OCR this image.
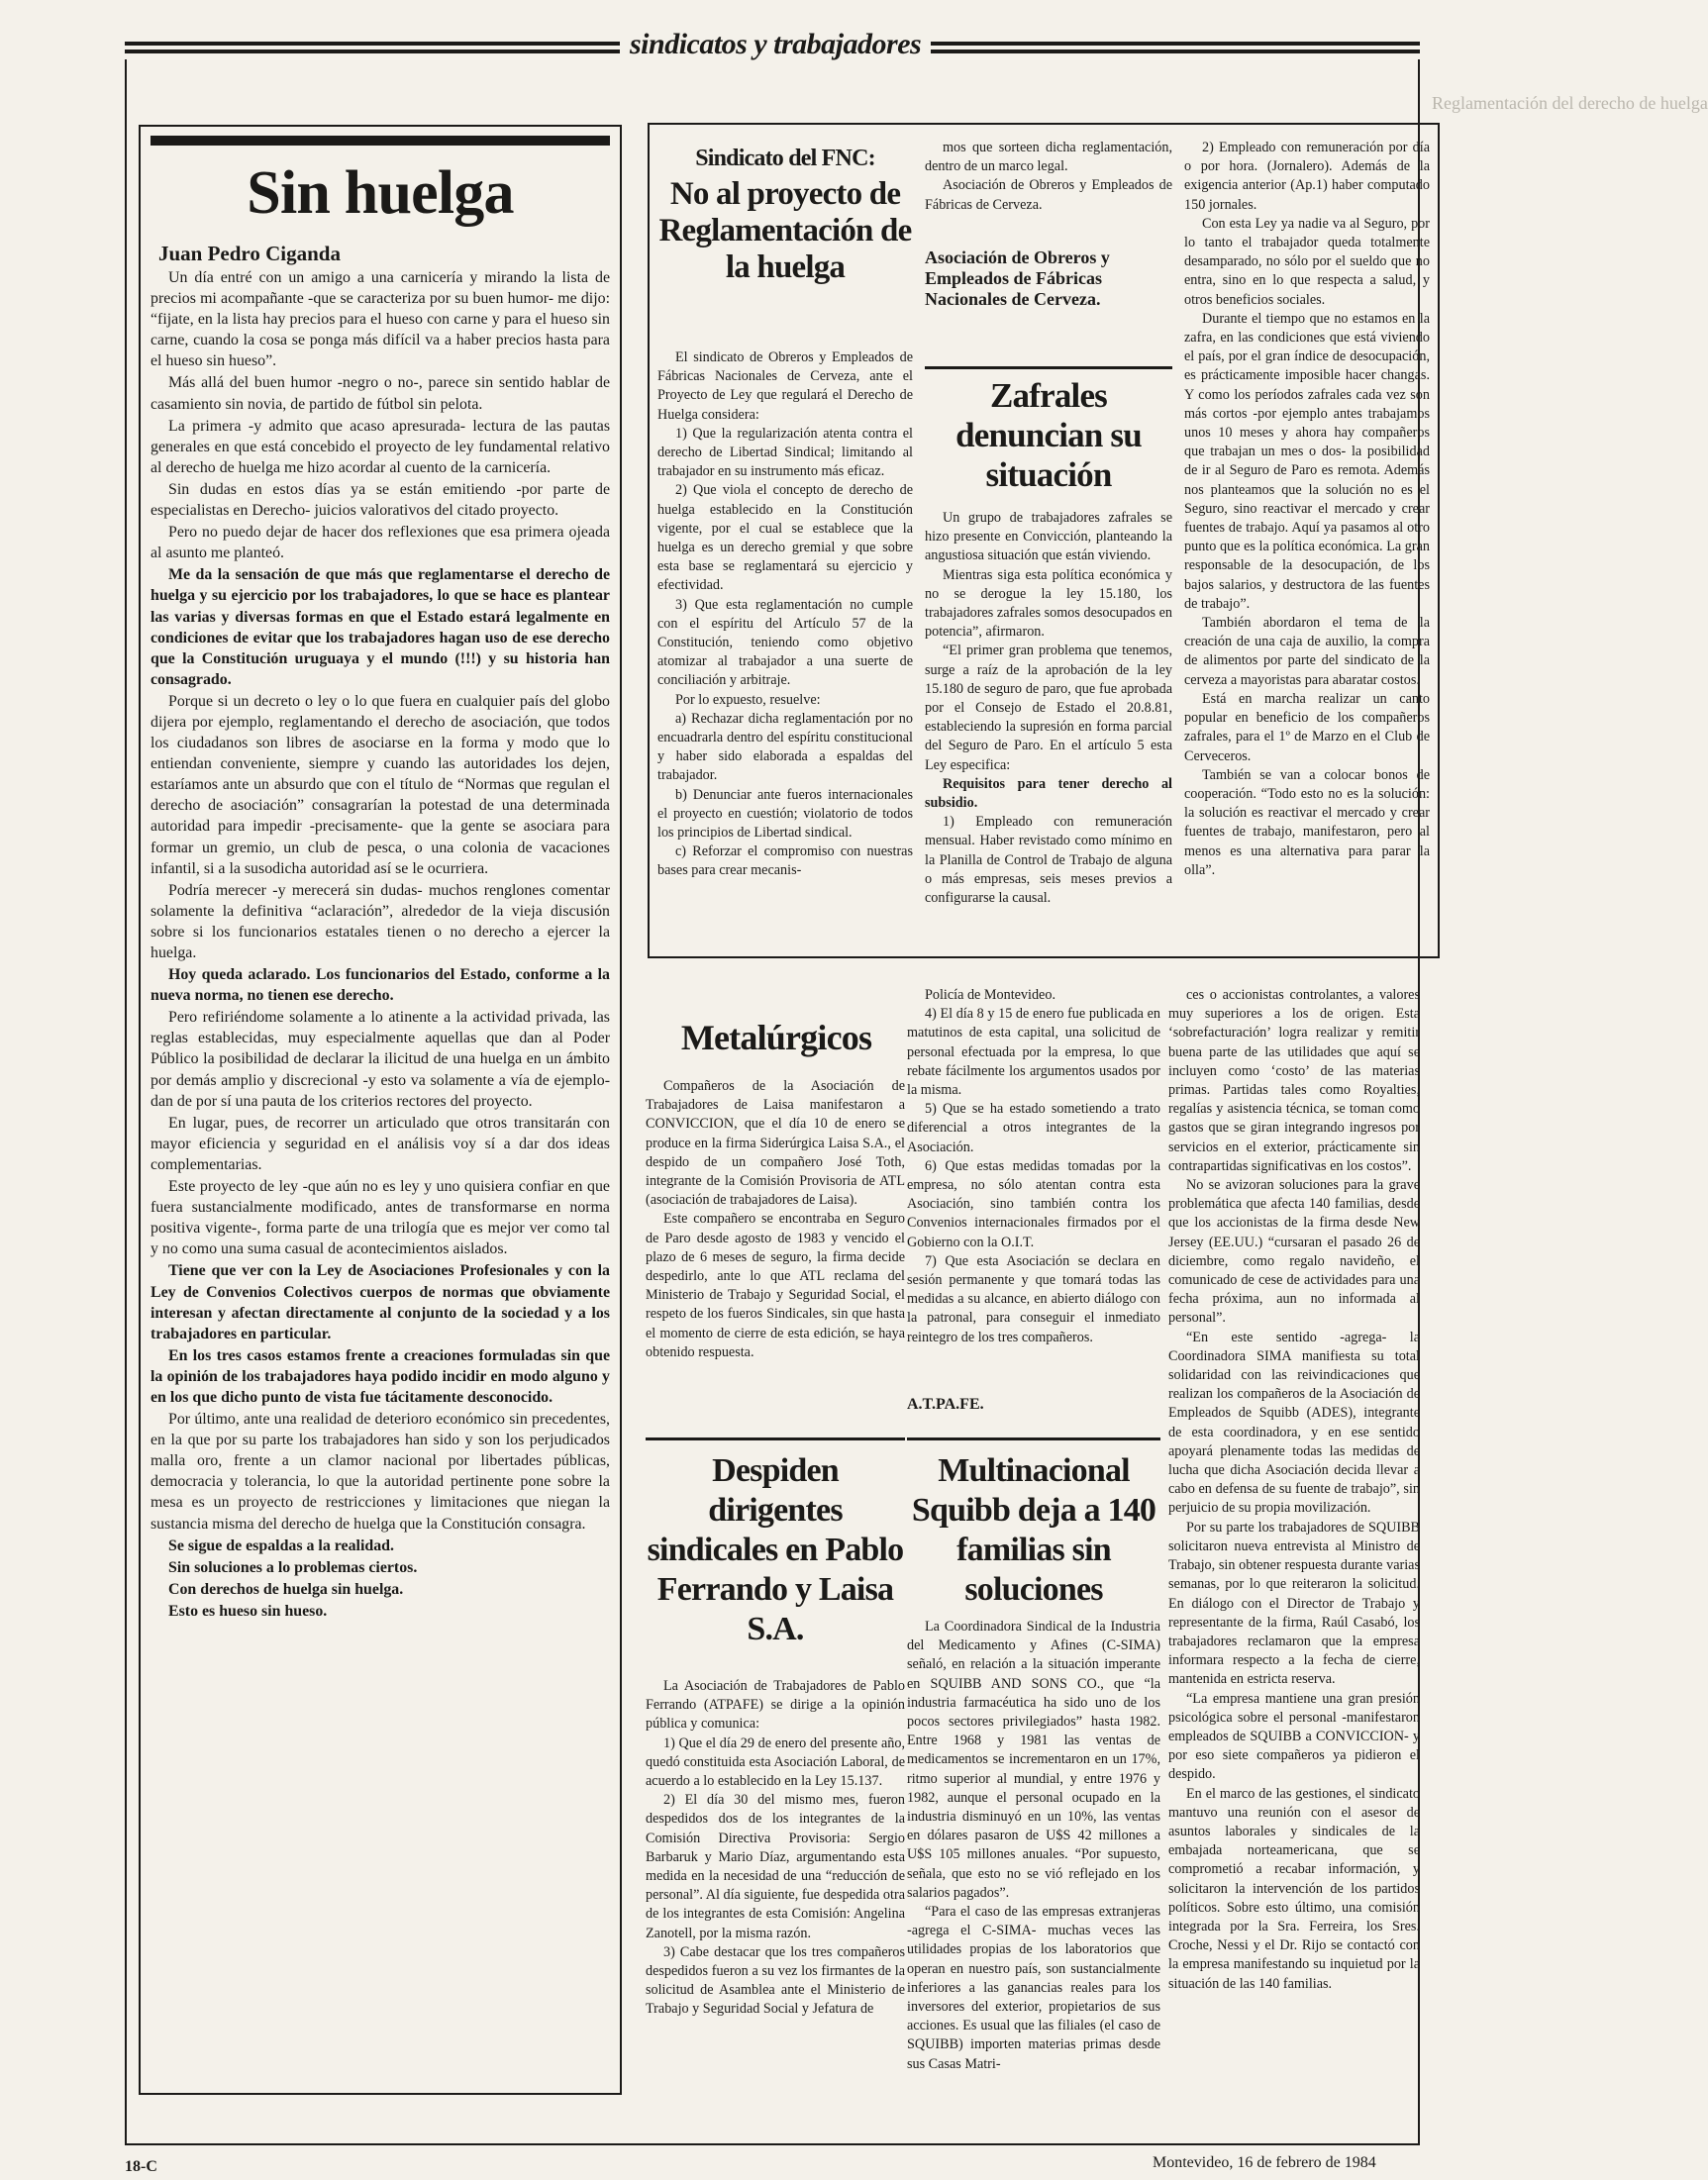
Reglamentación del derecho de huelga
sindicatos y trabajadores
Sin huelga
Juan Pedro Ciganda

Un día entré con un amigo a una carnicería y mirando la lista de precios mi acompañante -que se caracteriza por su buen humor- me dijo: “fijate, en la lista hay precios para el hueso con carne y para el hueso sin carne, cuando la cosa se ponga más difícil va a haber precios hasta para el hueso sin hueso”.

Más allá del buen humor -negro o no-, parece sin sentido hablar de casamiento sin novia, de partido de fútbol sin pelota.

La primera -y admito que acaso apresurada- lectura de las pautas generales en que está concebido el proyecto de ley fundamental relativo al derecho de huelga me hizo acordar al cuento de la carnicería.

Sin dudas en estos días ya se están emitiendo -por parte de especialistas en Derecho- juicios valorativos del citado proyecto.

Pero no puedo dejar de hacer dos reflexiones que esa primera ojeada al asunto me planteó.

Me da la sensación de que más que reglamentarse el derecho de huelga y su ejercicio por los trabajadores, lo que se hace es plantear las varias y diversas formas en que el Estado estará legalmente en condiciones de evitar que los trabajadores hagan uso de ese derecho que la Constitución uruguaya y el mundo (!!!) y su historia han consagrado.

Porque si un decreto o ley o lo que fuera en cualquier país del globo dijera por ejemplo, reglamentando el derecho de asociación, que todos los ciudadanos son libres de asociarse en la forma y modo que lo entiendan conveniente, siempre y cuando las autoridades los dejen, estaríamos ante un absurdo que con el título de “Normas que regulan el derecho de asociación” consagrarían la potestad de una determinada autoridad para impedir -precisamente- que la gente se asociara para formar un gremio, un club de pesca, o una colonia de vacaciones infantil, si a la susodicha autoridad así se le ocurriera.

Podría merecer -y merecerá sin dudas- muchos renglones comentar solamente la definitiva “aclaración”, alrededor de la vieja discusión sobre si los funcionarios estatales tienen o no derecho a ejercer la huelga.

Hoy queda aclarado. Los funcionarios del Estado, conforme a la nueva norma, no tienen ese derecho.

Pero refiriéndome solamente a lo atinente a la actividad privada, las reglas establecidas, muy especialmente aquellas que dan al Poder Público la posibilidad de declarar la ilicitud de una huelga en un ámbito por demás amplio y discrecional -y esto va solamente a vía de ejemplo- dan de por sí una pauta de los criterios rectores del proyecto.

En lugar, pues, de recorrer un articulado que otros transitarán con mayor eficiencia y seguridad en el análisis voy sí a dar dos ideas complementarias.

Este proyecto de ley -que aún no es ley y uno quisiera confiar en que fuera sustancialmente modificado, antes de transformarse en norma positiva vigente-, forma parte de una trilogía que es mejor ver como tal y no como una suma casual de acontecimientos aislados.

Tiene que ver con la Ley de Asociaciones Profesionales y con la Ley de Convenios Colectivos cuerpos de normas que obviamente interesan y afectan directamente al conjunto de la sociedad y a los trabajadores en particular.

En los tres casos estamos frente a creaciones formuladas sin que la opinión de los trabajadores haya podido incidir en modo alguno y en los que dicho punto de vista fue tácitamente desconocido.

Por último, ante una realidad de deterioro económico sin precedentes, en la que por su parte los trabajadores han sido y son los perjudicados malla oro, frente a un clamor nacional por libertades públicas, democracia y tolerancia, lo que la autoridad pertinente pone sobre la mesa es un proyecto de restricciones y limitaciones que niegan la sustancia misma del derecho de huelga que la Constitución consagra.

Se sigue de espaldas a la realidad.

Sin soluciones a lo problemas ciertos.

Con derechos de huelga sin huelga.

Esto es hueso sin hueso.

Sindicato del FNC:
No al proyecto de Reglamentación de la huelga

El sindicato de Obreros y Empleados de Fábricas Nacionales de Cerveza, ante el Proyecto de Ley que regulará el Derecho de Huelga considera:

1) Que la regularización atenta contra el derecho de Libertad Sindical; limitando al trabajador en su instrumento más eficaz.

2) Que viola el concepto de derecho de huelga establecido en la Constitución vigente, por el cual se establece que la huelga es un derecho gremial y que sobre esta base se reglamentará su ejercicio y efectividad.

3) Que esta reglamentación no cumple con el espíritu del Artículo 57 de la Constitución, teniendo como objetivo atomizar al trabajador a una suerte de conciliación y arbitraje.

Por lo expuesto, resuelve:

a) Rechazar dicha reglamentación por no encuadrarla dentro del espíritu constitucional y haber sido elaborada a espaldas del trabajador.

b) Denunciar ante fueros internacionales el proyecto en cuestión; violatorio de todos los principios de Libertad sindical.

c) Reforzar el compromiso con nuestras bases para crear mecanis-

mos que sorteen dicha reglamentación, dentro de un marco legal.

Asociación de Obreros y Empleados de Fábricas de Cerveza.

Asociación de Obreros y Empleados de Fábricas Nacionales de Cerveza.
Zafrales denuncian su situación

Un grupo de trabajadores zafrales se hizo presente en Convicción, planteando la angustiosa situación que están viviendo.

Mientras siga esta política económica y no se derogue la ley 15.180, los trabajadores zafrales somos desocupados en potencia”, afirmaron.

“El primer gran problema que tenemos, surge a raíz de la aprobación de la ley 15.180 de seguro de paro, que fue aprobada por el Consejo de Estado el 20.8.81, estableciendo la supresión en forma parcial del Seguro de Paro. En el artículo 5 esta Ley especifica:

Requisitos para tener derecho al subsidio.

1) Empleado con remuneración mensual. Haber revistado como mínimo en la Planilla de Control de Trabajo de alguna o más empresas, seis meses previos a configurarse la causal.

2) Empleado con remuneración por día o por hora. (Jornalero). Además de la exigencia anterior (Ap.1) haber computado 150 jornales.

Con esta Ley ya nadie va al Seguro, por lo tanto el trabajador queda totalmente desamparado, no sólo por el sueldo que no entra, sino en lo que respecta a salud, y otros beneficios sociales.

Durante el tiempo que no estamos en la zafra, en las condiciones que está viviendo el país, por el gran índice de desocupación, es prácticamente imposible hacer changas. Y como los períodos zafrales cada vez son más cortos -por ejemplo antes trabajamos unos 10 meses y ahora hay compañeros que trabajan un mes o dos- la posibilidad de ir al Seguro de Paro es remota. Además nos planteamos que la solución no es el Seguro, sino reactivar el mercado y crear fuentes de trabajo. Aquí ya pasamos al otro punto que es la política económica. La gran responsable de la desocupación, de los bajos salarios, y destructora de las fuentes de trabajo”.

También abordaron el tema de la creación de una caja de auxilio, la compra de alimentos por parte del sindicato de la cerveza a mayoristas para abaratar costos.

Está en marcha realizar un canto popular en beneficio de los compañeros zafrales, para el 1º de Marzo en el Club de Cerveceros.

También se van a colocar bonos de cooperación. “Todo esto no es la solución: la solución es reactivar el mercado y crear fuentes de trabajo, manifestaron, pero al menos es una alternativa para parar la olla”.

Metalúrgicos

Compañeros de la Asociación de Trabajadores de Laisa manifestaron a CONVICCION, que el día 10 de enero se produce en la firma Siderúrgica Laisa S.A., el despido de un compañero José Toth, integrante de la Comisión Provisoria de ATL (asociación de trabajadores de Laisa).

Este compañero se encontraba en Seguro de Paro desde agosto de 1983 y vencido el plazo de 6 meses de seguro, la firma decide despedirlo, ante lo que ATL reclama del Ministerio de Trabajo y Seguridad Social, el respeto de los fueros Sindicales, sin que hasta el momento de cierre de esta edición, se haya obtenido respuesta.

Policía de Montevideo.

4) El día 8 y 15 de enero fue publicada en matutinos de esta capital, una solicitud de personal efectuada por la empresa, lo que rebate fácilmente los argumentos usados por la misma.

5) Que se ha estado sometiendo a trato diferencial a otros integrantes de la Asociación.

6) Que estas medidas tomadas por la empresa, no sólo atentan contra esta Asociación, sino también contra los Convenios internacionales firmados por el Gobierno con la O.I.T.

7) Que esta Asociación se declara en sesión permanente y que tomará todas las medidas a su alcance, en abierto diálogo con la patronal, para conseguir el inmediato reintegro de los tres compañeros.

A.T.PA.FE.
Despiden dirigentes sindicales en Pablo Ferrando y Laisa S.A.

La Asociación de Trabajadores de Pablo Ferrando (ATPAFE) se dirige a la opinión pública y comunica:

1) Que el día 29 de enero del presente año, quedó constituida esta Asociación Laboral, de acuerdo a lo establecido en la Ley 15.137.

2) El día 30 del mismo mes, fueron despedidos dos de los integrantes de la Comisión Directiva Provisoria: Sergio Barbaruk y Mario Díaz, argumentando esta medida en la necesidad de una “reducción de personal”. Al día siguiente, fue despedida otra de los integrantes de esta Comisión: Angelina Zanotell, por la misma razón.

3) Cabe destacar que los tres compañeros despedidos fueron a su vez los firmantes de la solicitud de Asamblea ante el Ministerio de Trabajo y Seguridad Social y Jefatura de

Multinacional Squibb deja a 140 familias sin soluciones

La Coordinadora Sindical de la Industria del Medicamento y Afines (C-SIMA) señaló, en relación a la situación imperante en SQUIBB AND SONS CO., que “la industria farmacéutica ha sido uno de los pocos sectores privilegiados” hasta 1982. Entre 1968 y 1981 las ventas de medicamentos se incrementaron en un 17%, ritmo superior al mundial, y entre 1976 y 1982, aunque el personal ocupado en la industria disminuyó en un 10%, las ventas en dólares pasaron de U$S 42 millones a U$S 105 millones anuales. “Por supuesto, señala, que esto no se vió reflejado en los salarios pagados”.

“Para el caso de las empresas extranjeras -agrega el C-SIMA- muchas veces las utilidades propias de los laboratorios que operan en nuestro país, son sustancialmente inferiores a las ganancias reales para los inversores del exterior, propietarios de sus acciones. Es usual que las filiales (el caso de SQUIBB) importen materias primas desde sus Casas Matri-

ces o accionistas controlantes, a valores muy superiores a los de origen. Esta ‘sobrefacturación’ logra realizar y remitir buena parte de las utilidades que aquí se incluyen como ‘costo’ de las materias primas. Partidas tales como Royalties, regalías y asistencia técnica, se toman como gastos que se giran integrando ingresos por servicios en el exterior, prácticamente sin contrapartidas significativas en los costos”.

No se avizoran soluciones para la grave problemática que afecta 140 familias, desde que los accionistas de la firma desde New Jersey (EE.UU.) “cursaran el pasado 26 de diciembre, como regalo navideño, el comunicado de cese de actividades para una fecha próxima, aun no informada al personal”.

“En este sentido -agrega- la Coordinadora SIMA manifiesta su total solidaridad con las reivindicaciones que realizan los compañeros de la Asociación de Empleados de Squibb (ADES), integrante de esta coordinadora, y en ese sentido apoyará plenamente todas las medidas de lucha que dicha Asociación decida llevar a cabo en defensa de su fuente de trabajo”, sin perjuicio de su propia movilización.

Por su parte los trabajadores de SQUIBB solicitaron nueva entrevista al Ministro de Trabajo, sin obtener respuesta durante varias semanas, por lo que reiteraron la solicitud. En diálogo con el Director de Trabajo y representante de la firma, Raúl Casabó, los trabajadores reclamaron que la empresa informara respecto a la fecha de cierre, mantenida en estricta reserva.

“La empresa mantiene una gran presión psicológica sobre el personal -manifestaron empleados de SQUIBB a CONVICCION- y por eso siete compañeros ya pidieron el despido.

En el marco de las gestiones, el sindicato mantuvo una reunión con el asesor de asuntos laborales y sindicales de la embajada norteamericana, que se comprometió a recabar información, y solicitaron la intervención de los partidos políticos. Sobre esto último, una comisión integrada por la Sra. Ferreira, los Sres. Croche, Nessi y el Dr. Rijo se contactó con la empresa manifestando su inquietud por la situación de las 140 familias.

18-C	Montevideo, 16 de febrero de 1984
